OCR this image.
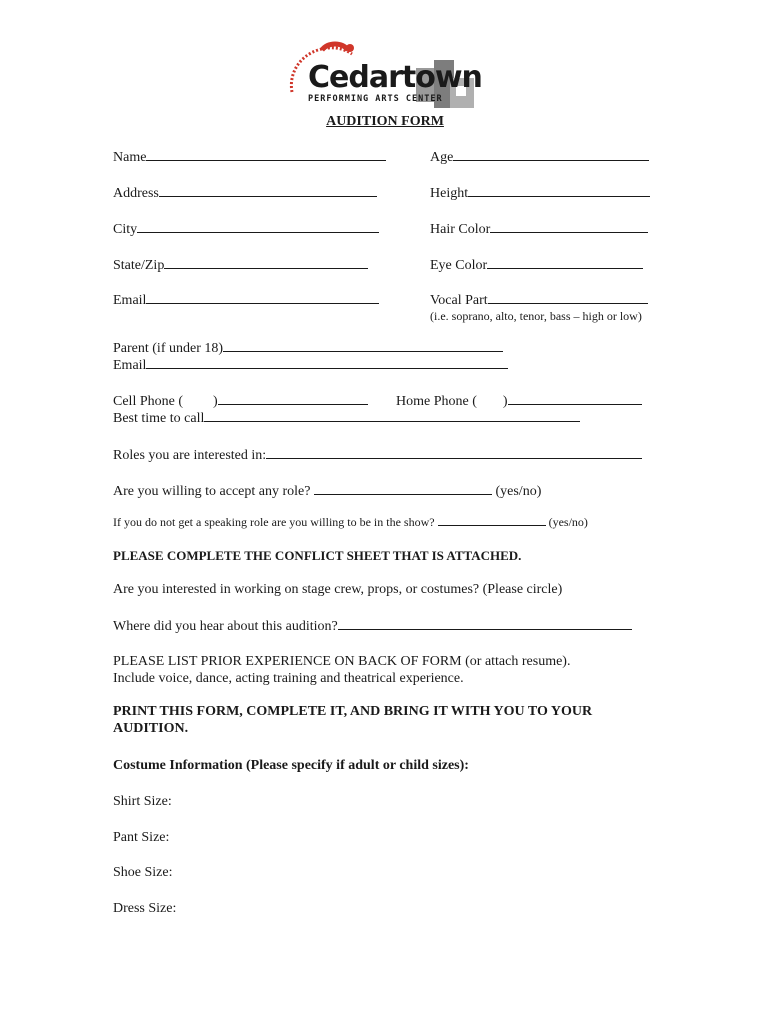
Cedartown
PERFORMING ARTS CENTER
AUDITION FORM
Name	Age
Address	Height
City	Hair Color
State/Zip	Eye Color
Email	Vocal Part
(i.e. soprano, alto, tenor, bass – high or low)
Parent (if under 18)
Email
Cell Phone ( )	Home Phone ( )
Best time to call
Roles you are interested in:
Are you willing to accept any role?	(yes/no)
If you do not get a speaking role are you willing to be in the show?	(yes/no)
PLEASE COMPLETE THE CONFLICT SHEET THAT IS ATTACHED.
Are you interested in working on stage crew, props, or costumes? (Please circle)
Where did you hear about this audition?
PLEASE LIST PRIOR EXPERIENCE ON BACK OF FORM (or attach resume).
Include voice, dance, acting training and theatrical experience.
PRINT THIS FORM, COMPLETE IT, AND BRING IT WITH YOU TO YOUR
AUDITION.
Costume Information (Please specify if adult or child sizes):
Shirt Size:
Pant Size:
Shoe Size:
Dress Size:
